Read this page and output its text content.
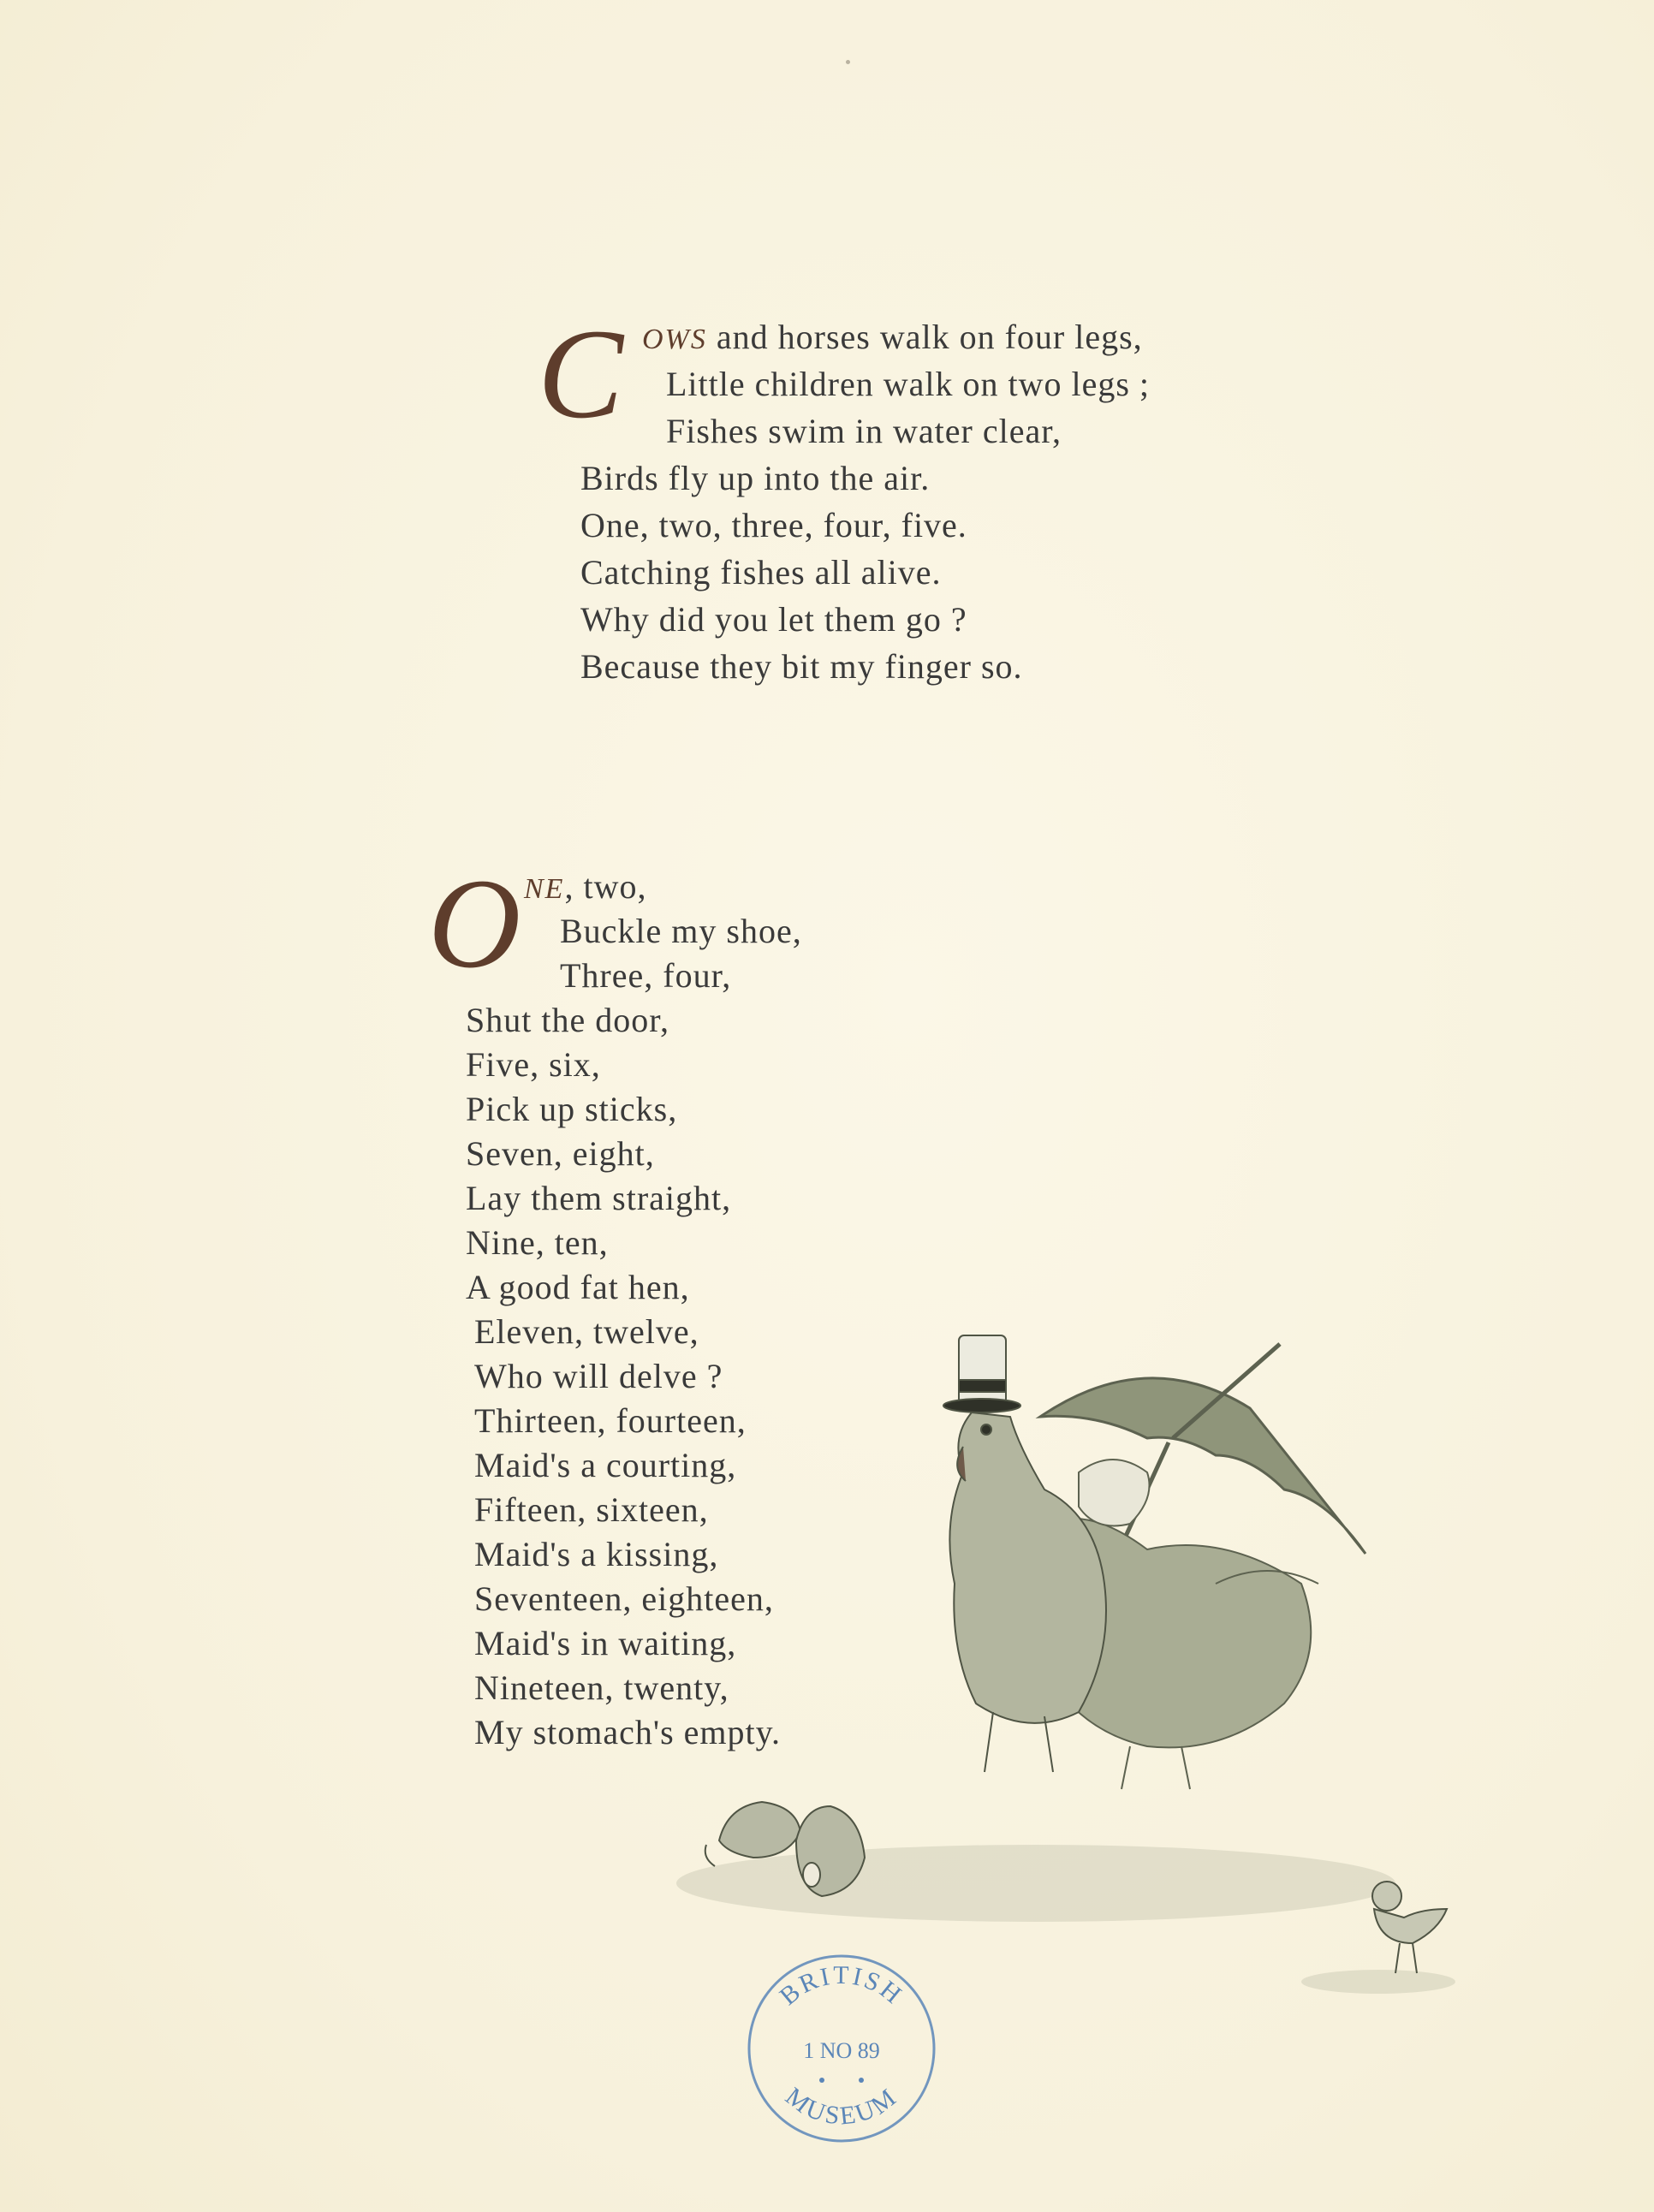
C OWS and horses walk on four legs,
Little children walk on two legs ;
Fishes swim in water clear,
Birds fly up into the air.
One, two, three, four, five.
Catching fishes all alive.
Why did you let them go ?
Because they bit my finger so.
O NE, two,
Buckle my shoe,
Three, four,
Shut the door,
Five, six,
Pick up sticks,
Seven, eight,
Lay them straight,
Nine, ten,
A good fat hen,
Eleven, twelve,
Who will delve ?
Thirteen, fourteen,
Maid's a courting,
Fifteen, sixteen,
Maid's a kissing,
Seventeen, eighteen,
Maid's in waiting,
Nineteen, twenty,
My stomach's empty.
BRITISH
1 NO 89
MUSEUM
